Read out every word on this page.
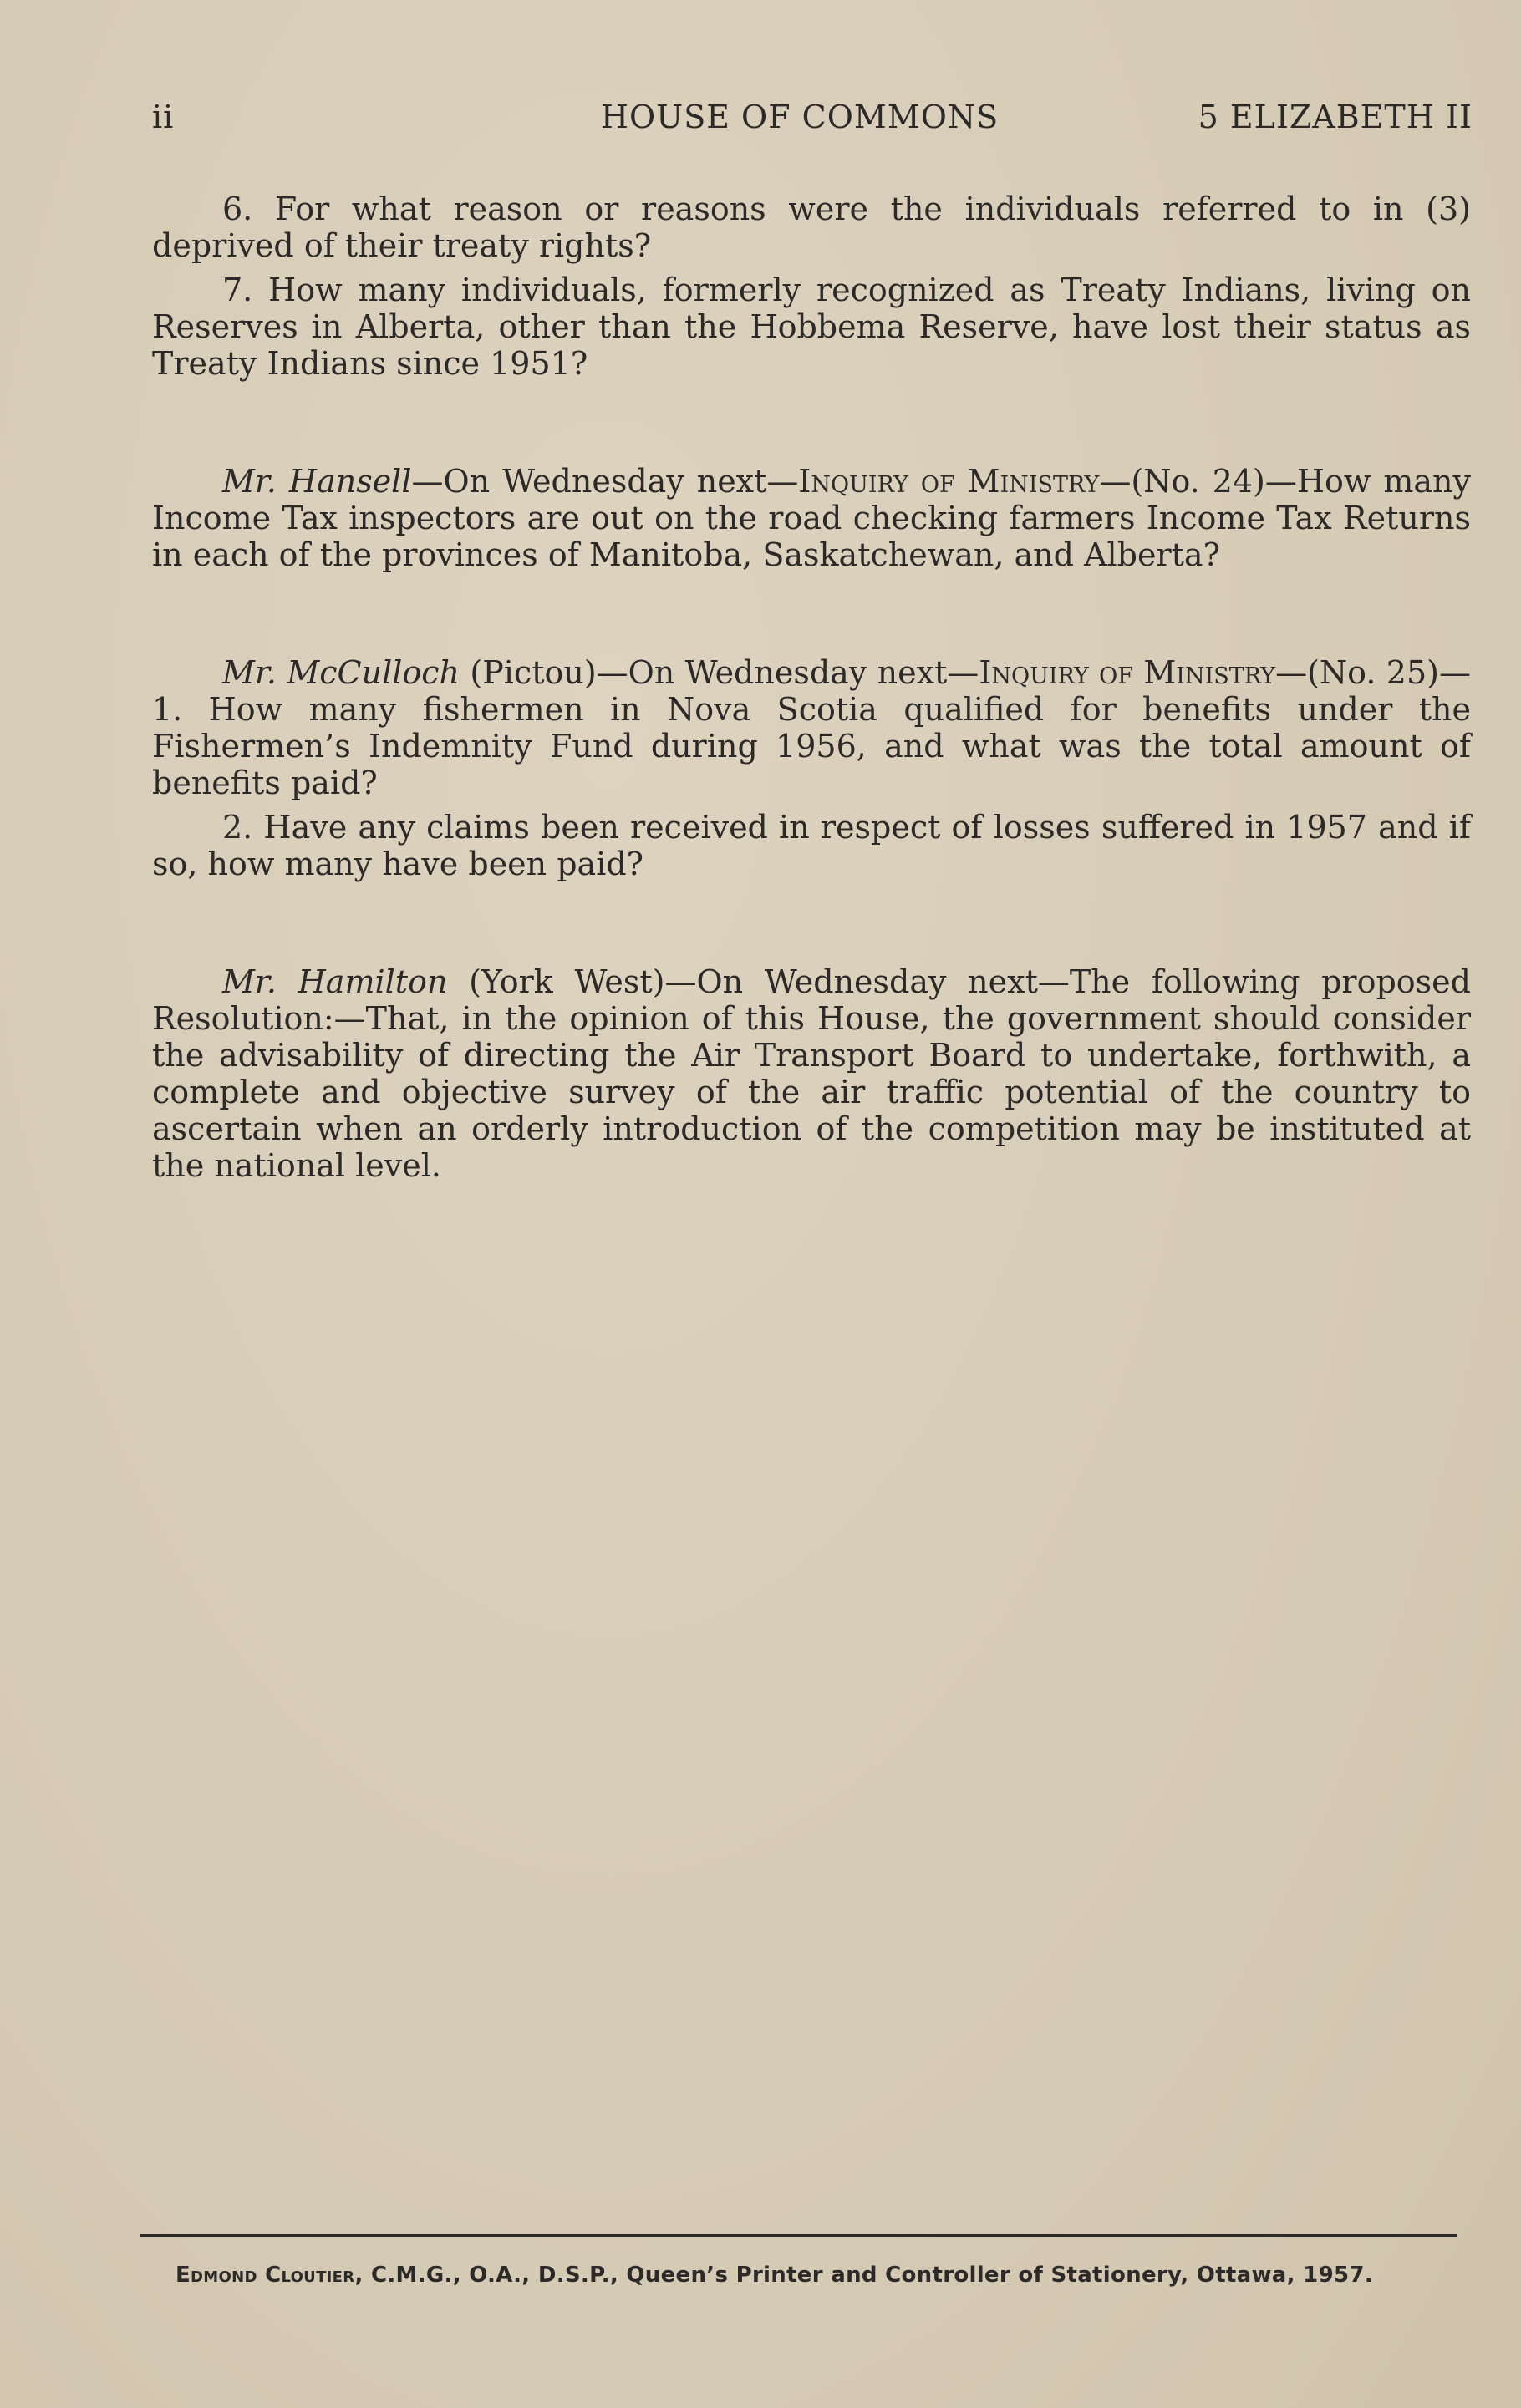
ii	HOUSE OF COMMONS	5 ELIZABETH II

6. For what reason or reasons were the individuals referred to in (3) deprived of their treaty rights?

7. How many individuals, formerly recognized as Treaty Indians, living on Reserves in Alberta, other than the Hobbema Reserve, have lost their status as Treaty Indians since 1951?

Mr. Hansell—On Wednesday next—Inquiry of Ministry—(No. 24)—How many Income Tax inspectors are out on the road checking farmers Income Tax Returns in each of the provinces of Manitoba, Saskatchewan, and Alberta?

Mr. McCulloch (Pictou)—On Wednesday next—Inquiry of Ministry—(No. 25)—1. How many fishermen in Nova Scotia qualified for benefits under the Fishermen’s Indemnity Fund during 1956, and what was the total amount of benefits paid?

2. Have any claims been received in respect of losses suffered in 1957 and if so, how many have been paid?

Mr. Hamilton (York West)—On Wednesday next—The following proposed Resolution:—That, in the opinion of this House, the government should consider the advisability of directing the Air Transport Board to undertake, forthwith, a complete and objective survey of the air traffic potential of the country to ascertain when an orderly introduction of the competition may be instituted at the national level.

Edmond Cloutier, C.M.G., O.A., D.S.P., Queen’s Printer and Controller of Stationery, Ottawa, 1957.
